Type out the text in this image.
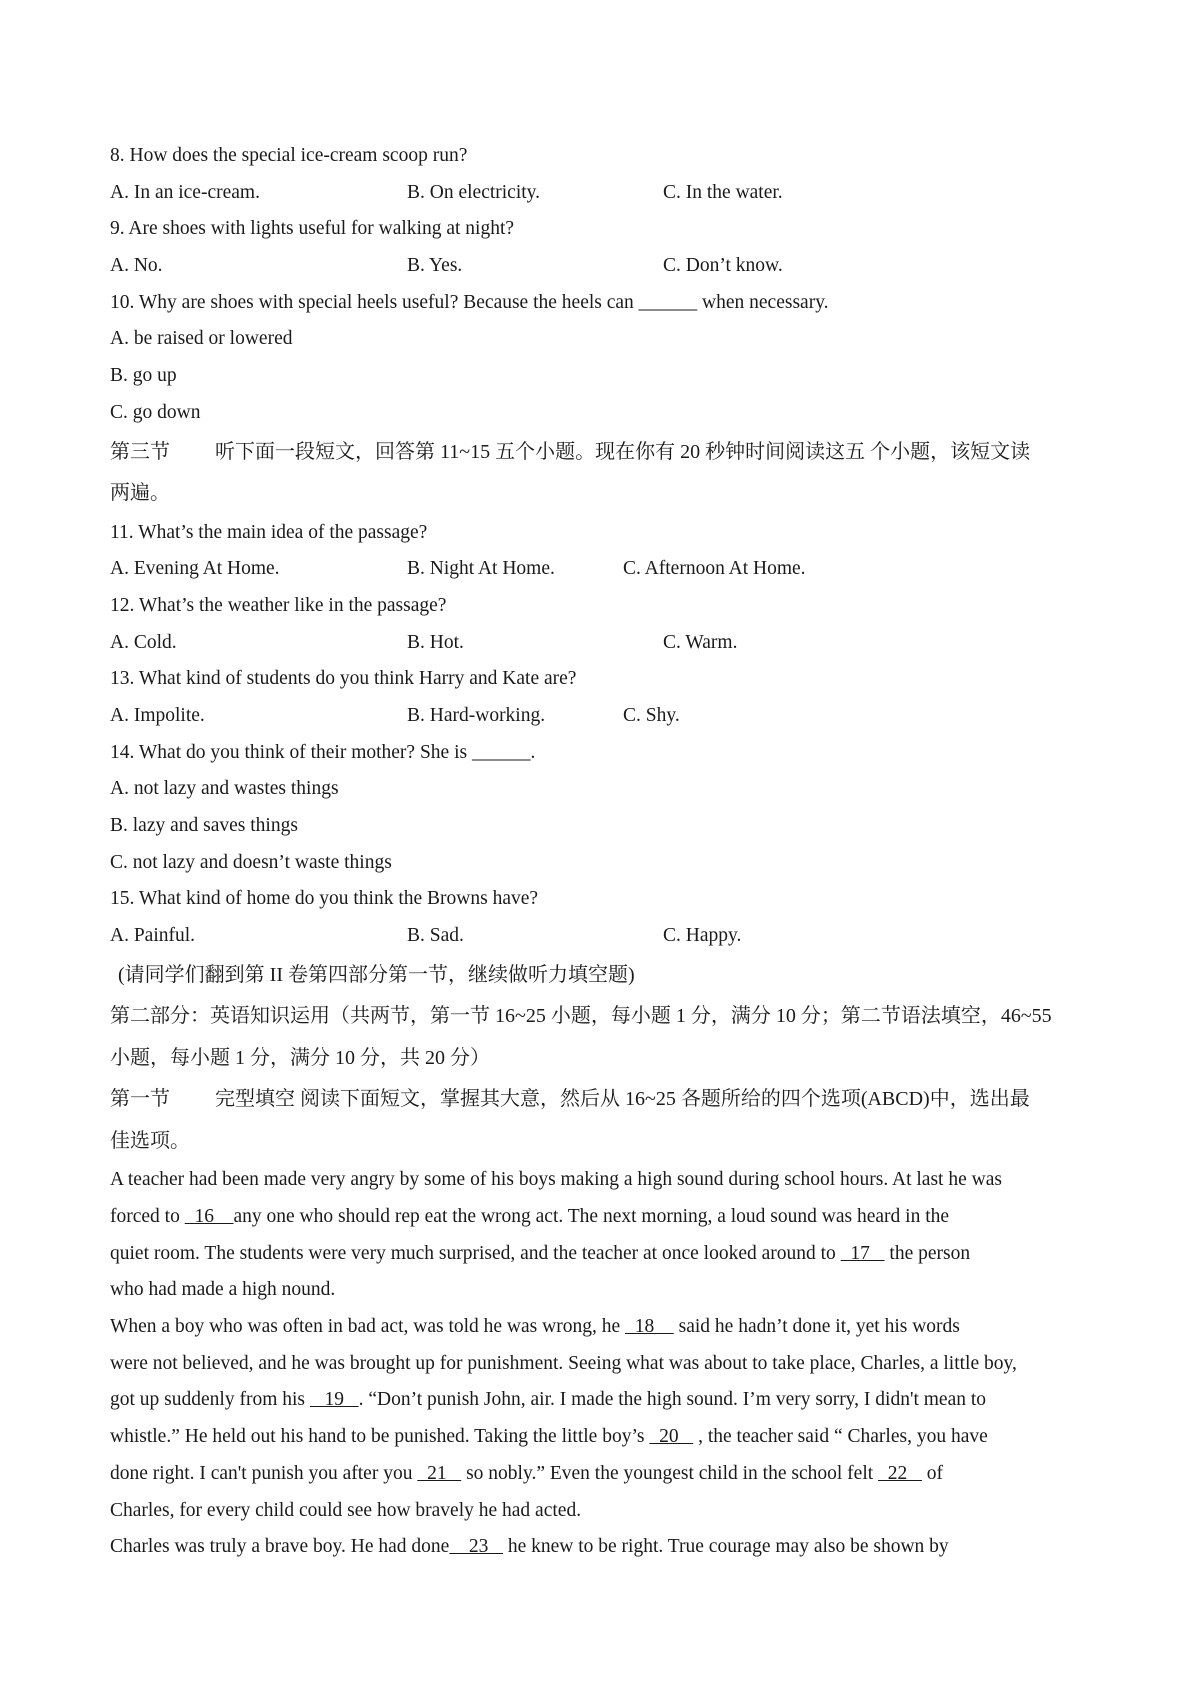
8. How does the special ice-cream scoop run?
A. In an ice-cream.	B. On electricity.	C. In the water.
9. Are shoes with lights useful for walking at night?
A. No.	B. Yes.	C. Don’t know.
10. Why are shoes with special heels useful? Because the heels can ______ when necessary.
A. be raised or lowered
B. go up
C. go down
第三节 听下面一段短文，回答第 11~15 五个小题。现在你有 20 秒钟时间阅读这五 个小题，该短文读
两遍。
11. What’s the main idea of the passage?
A. Evening At Home.	B. Night At Home.	C. Afternoon At Home.
12. What’s the weather like in the passage?
A. Cold.	B. Hot.	C. Warm.
13. What kind of students do you think Harry and Kate are?
A. Impolite.	B. Hard-working.	C. Shy.
14. What do you think of their mother? She is ______.
A. not lazy and wastes things
B. lazy and saves things
C. not lazy and doesn’t waste things
15. What kind of home do you think the Browns have?
A. Painful.	B. Sad.	C. Happy.
(请同学们翻到第 II 卷第四部分第一节，继续做听力填空题)
第二部分：英语知识运用（共两节，第一节 16~25 小题，每小题 1 分，满分 10 分；第二节语法填空，46~55
小题，每小题 1 分，满分 10 分，共 20 分）
第一节 完型填空 阅读下面短文，掌握其大意，然后从 16~25 各题所给的四个选项(ABCD)中，选出最
佳选项。
A teacher had been made very angry by some of his boys making a high sound during school hours. At last he was
forced to   16    any one who should rep eat the wrong act. The next morning, a loud sound was heard in the
quiet room. The students were very much surprised, and the teacher at once looked around to   17    the person
who had made a high nound.
When a boy who was often in bad act, was told he was wrong, he   18     said he hadn’t done it, yet his words
were not believed, and he was brought up for punishment. Seeing what was about to take place, Charles, a little boy,
got up suddenly from his    19   . “Don’t punish John, air. I made the high sound. I’m very sorry, I didn't mean to
whistle.” He held out his hand to be punished. Taking the little boy’s   20    , the teacher said “ Charles, you have
done right. I can't punish you after you   21    so nobly.” Even the youngest child in the school felt   22    of
Charles, for every child could see how bravely he had acted.
Charles was truly a brave boy. He had done    23    he knew to be right. True courage may also be shown by
